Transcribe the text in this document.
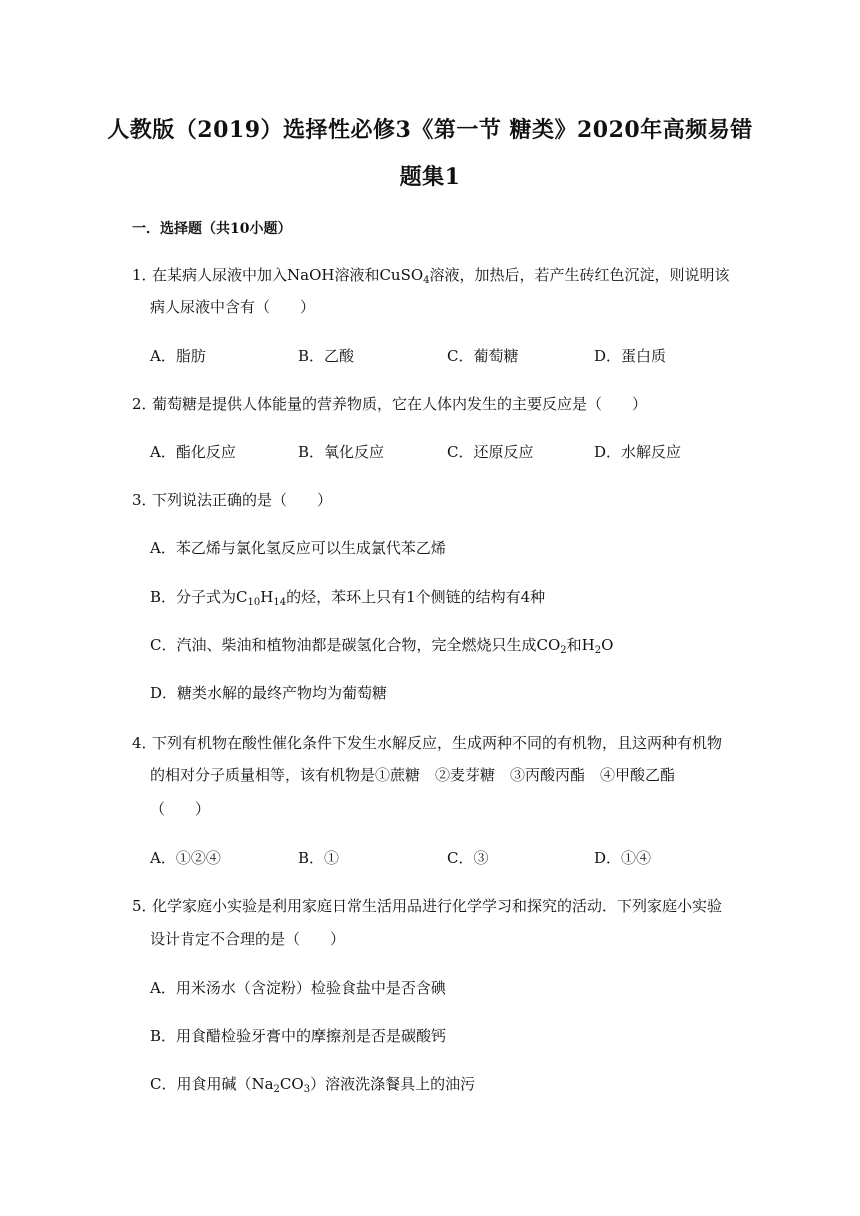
人教版（2019）选择性必修3《第一节 糖类》2020年高频易错
题集1
一．选择题（共10小题）
1．在某病人尿液中加入NaOH溶液和CuSO$_4$溶液，加热后，若产生砖红色沉淀，则说明该
病人尿液中含有（　　）
A．脂肪	B．乙酸	C．葡萄糖	D．蛋白质
2．葡萄糖是提供人体能量的营养物质，它在人体内发生的主要反应是（　　）
A．酯化反应	B．氧化反应	C．还原反应	D．水解反应
3．下列说法正确的是（　　）
A．苯乙烯与氯化氢反应可以生成氯代苯乙烯
B．分子式为$C_{10}H_{14}$的烃，苯环上只有1个侧链的结构有4种
C．汽油、柴油和植物油都是碳氢化合物，完全燃烧只生成$CO_2$和$H_2O$
D．糖类水解的最终产物均为葡萄糖
4．下列有机物在酸性催化条件下发生水解反应，生成两种不同的有机物，且这两种有机物
的相对分子质量相等，该有机物是①蔗糖　②麦芽糖　③丙酸丙酯　④甲酸乙酯
（　　）
A．①②④	B．①	C．③	D．①④
5．化学家庭小实验是利用家庭日常生活用品进行化学学习和探究的活动．下列家庭小实验
设计肯定不合理的是（　　）
A．用米汤水（含淀粉）检验食盐中是否含碘
B．用食醋检验牙膏中的摩擦剂是否是碳酸钙
C．用食用碱$(Na_2CO_3)$溶液洗涤餐具上的油污
